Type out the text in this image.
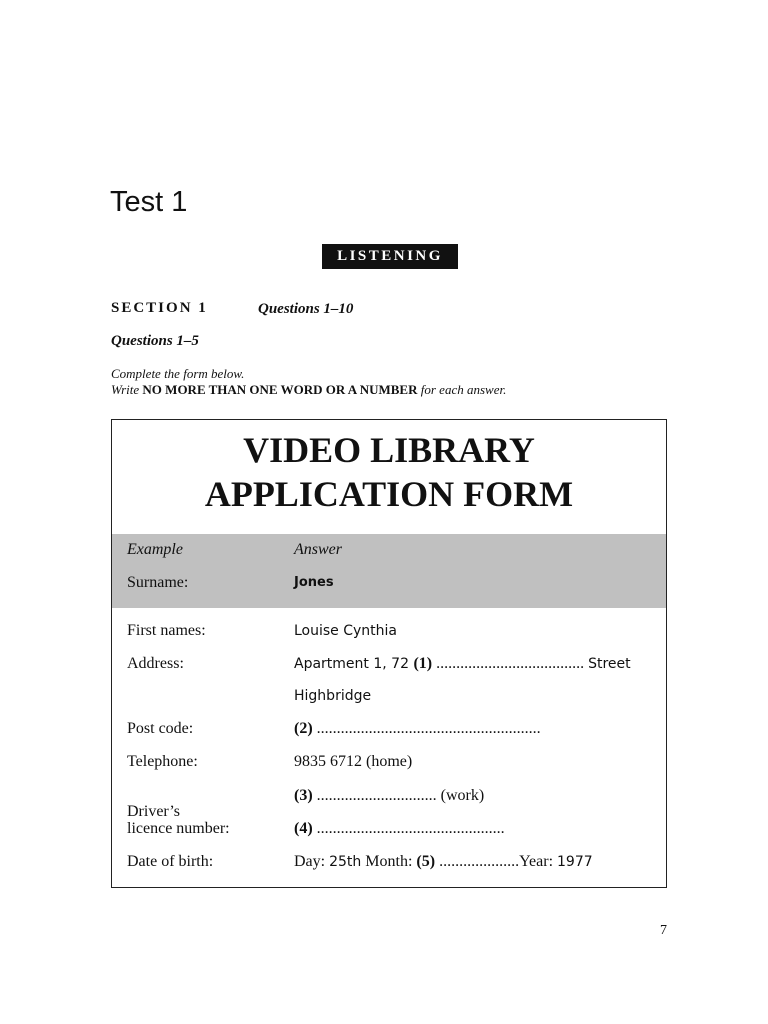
Test 1
LISTENING
SECTION 1	Questions 1–10
Questions 1–5
Complete the form below.
Write NO MORE THAN ONE WORD OR A NUMBER for each answer.
VIDEO LIBRARY
APPLICATION FORM
Example	Answer
Surname:	Jones
First names:	Louise Cynthia
Address:	Apartment 1, 72 (1) ..................................... Street
Highbridge
Post code:	(2) ........................................................
Telephone:	9835 6712 (home)
(3) .............................. (work)
Driver’s
licence number:	(4) ...............................................
Date of birth:	Day: 25th Month: (5) ....................Year: 1977
7
